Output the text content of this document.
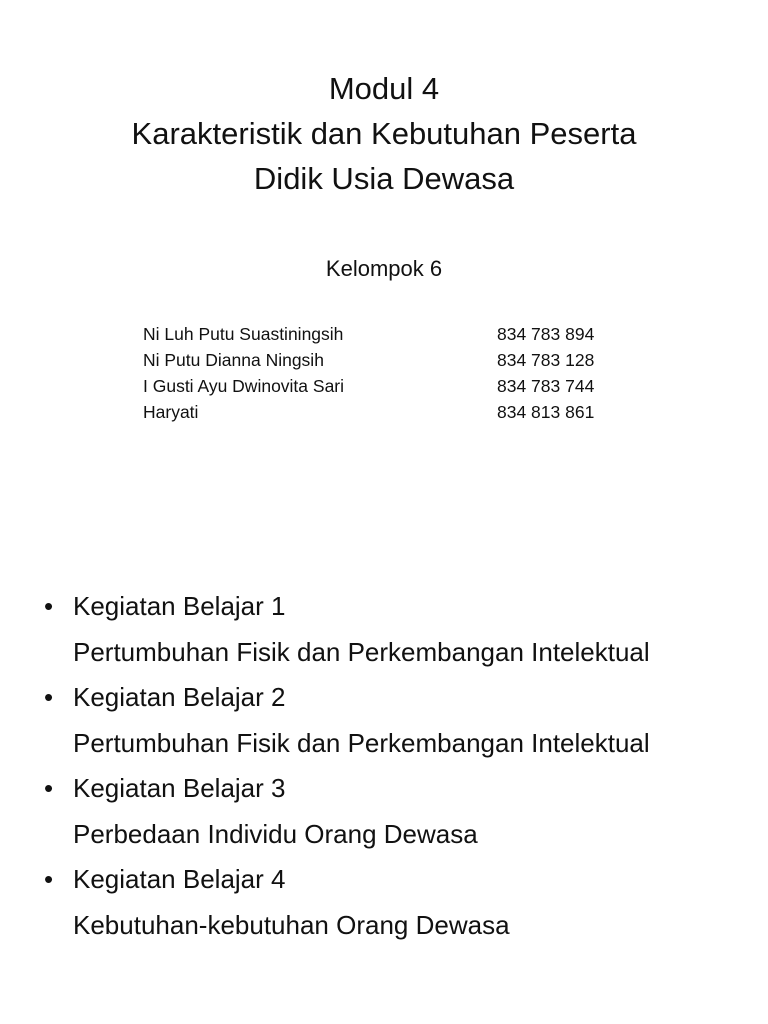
Modul 4
Karakteristik dan Kebutuhan Peserta
Didik Usia Dewasa
Kelompok 6
Ni Luh Putu Suastiningsih	834 783 894
Ni Putu Dianna Ningsih	834 783 128
I Gusti Ayu Dwinovita Sari	834 783 744
Haryati	834 813 861
• Kegiatan Belajar 1
Pertumbuhan Fisik dan Perkembangan Intelektual
• Kegiatan Belajar 2
Pertumbuhan Fisik dan Perkembangan Intelektual
• Kegiatan Belajar 3
Perbedaan Individu Orang Dewasa
• Kegiatan Belajar 4
Kebutuhan-kebutuhan Orang Dewasa
